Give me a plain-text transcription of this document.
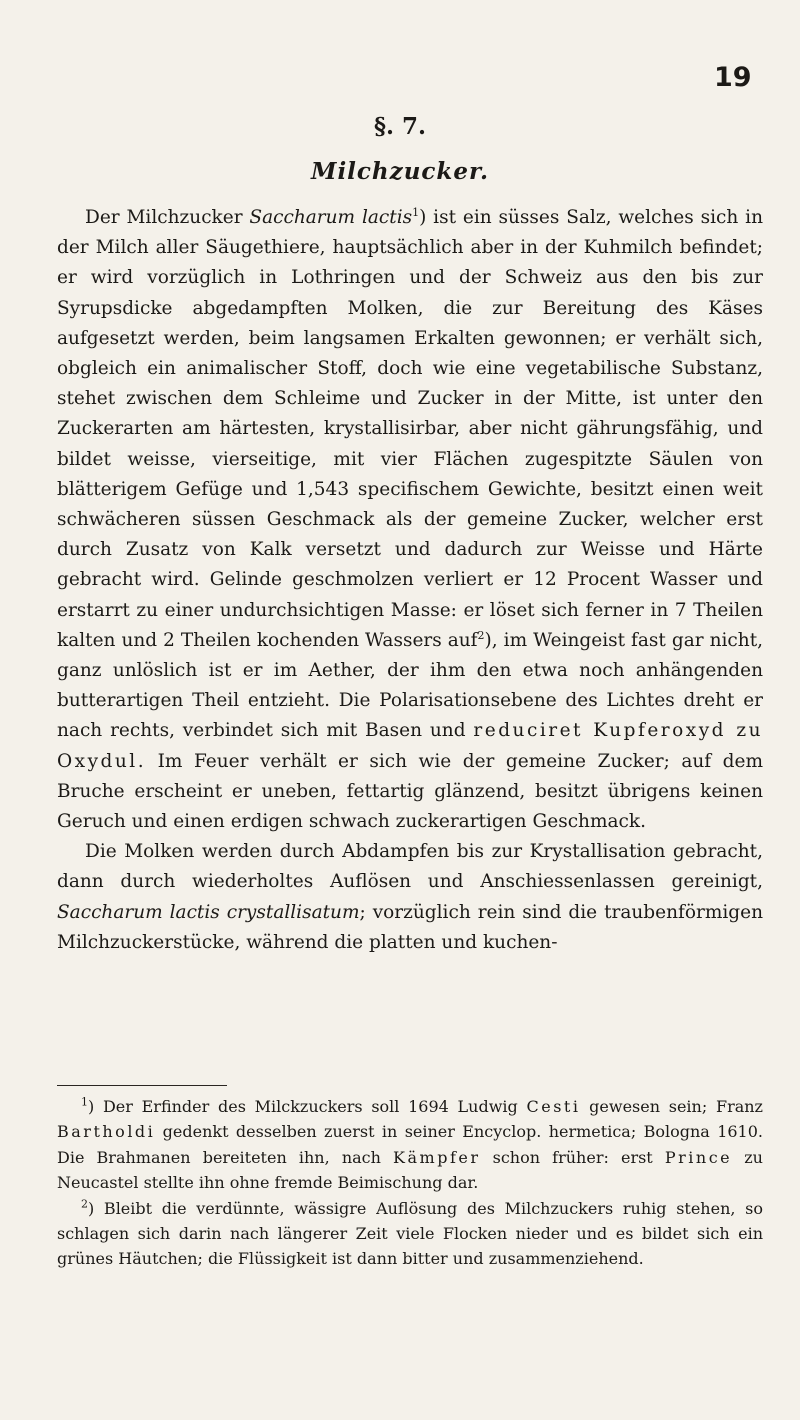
19
§. 7.
Milchzucker.

Der Milchzucker Saccharum lactis$^1$) ist ein süsses Salz, welches sich in der Milch aller Säugethiere, hauptsächlich aber in der Kuhmilch befindet; er wird vorzüglich in Lothringen und der Schweiz aus den bis zur Syrupsdicke abgedampften Molken, die zur Bereitung des Käses aufgesetzt werden, beim langsamen Erkalten gewonnen; er verhält sich, obgleich ein animalischer Stoff, doch wie eine vegetabilische Substanz, stehet zwischen dem Schleime und Zucker in der Mitte, ist unter den Zuckerarten am härtesten, krystallisirbar, aber nicht gährungsfähig, und bildet weisse, vierseitige, mit vier Flächen zugespitzte Säulen von blätterigem Gefüge und 1,543 specifischem Gewichte, besitzt einen weit schwächeren süssen Geschmack als der gemeine Zucker, welcher erst durch Zusatz von Kalk versetzt und dadurch zur Weisse und Härte gebracht wird. Gelinde geschmolzen verliert er 12 Procent Wasser und erstarrt zu einer undurchsichtigen Masse: er löset sich ferner in 7 Theilen kalten und 2 Theilen kochenden Wassers auf$^2$), im Weingeist fast gar nicht, ganz unlöslich ist er im Aether, der ihm den etwa noch anhängenden butterartigen Theil entzieht. Die Polarisationsebene des Lichtes dreht er nach rechts, verbindet sich mit Basen und reduciret Kupferoxyd zu Oxydul. Im Feuer verhält er sich wie der gemeine Zucker; auf dem Bruche erscheint er uneben, fettartig glänzend, besitzt übrigens keinen Geruch und einen erdigen schwach zuckerartigen Geschmack.

Die Molken werden durch Abdampfen bis zur Krystallisation gebracht, dann durch wiederholtes Auflösen und Anschiessenlassen gereinigt, Saccharum lactis crystallisatum; vorzüglich rein sind die traubenförmigen Milchzuckerstücke, während die platten und kuchen-

$^1$) Der Erfinder des Milckzuckers soll 1694 Ludwig Cesti gewesen sein; Franz Bartholdi gedenkt desselben zuerst in seiner Encyclop. hermetica; Bologna 1610. Die Brahmanen bereiteten ihn, nach Kämpfer schon früher: erst Prince zu Neucastel stellte ihn ohne fremde Beimischung dar.

$^2$) Bleibt die verdünnte, wässigre Auflösung des Milchzuckers ruhig stehen, so schlagen sich darin nach längerer Zeit viele Flocken nieder und es bildet sich ein grünes Häutchen; die Flüssigkeit ist dann bitter und zusammenziehend.
